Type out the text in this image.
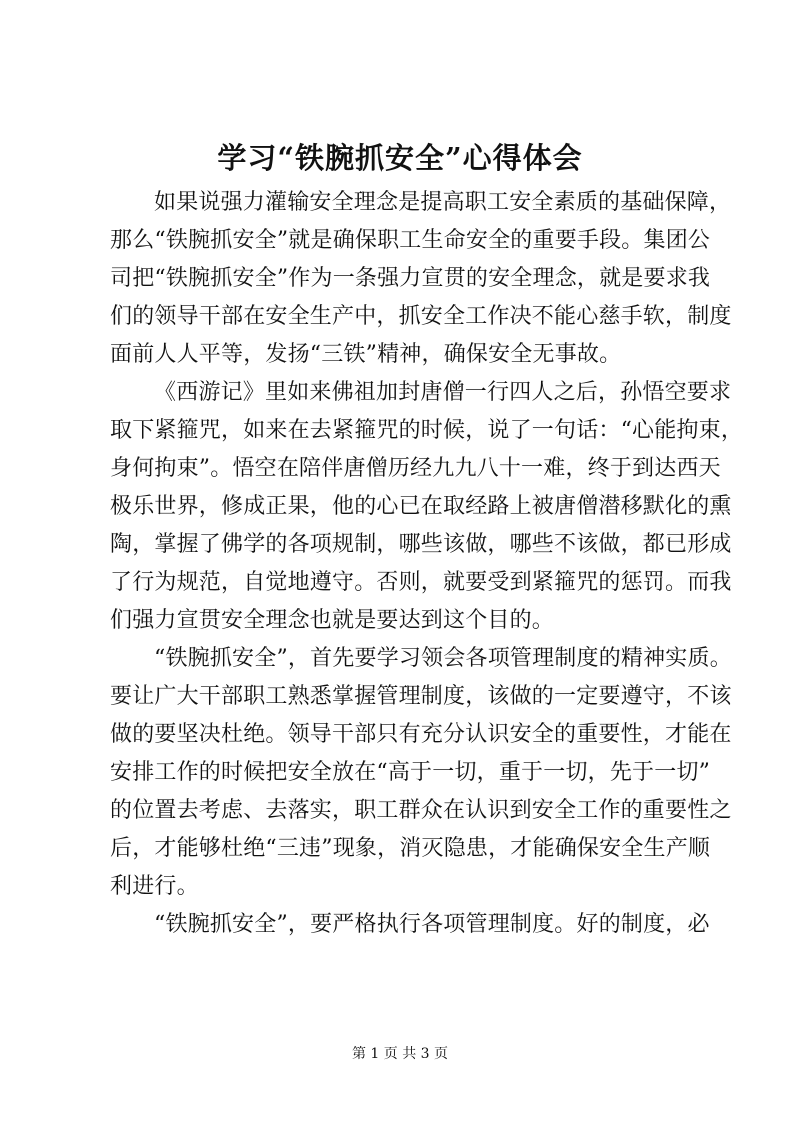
学习“铁腕抓安全”心得体会
如果说强力灌输安全理念是提高职工安全素质的基础保障，
那么“铁腕抓安全”就是确保职工生命安全的重要手段。集团公
司把“铁腕抓安全”作为一条强力宣贯的安全理念，就是要求我
们的领导干部在安全生产中，抓安全工作决不能心慈手软，制度
面前人人平等，发扬“三铁”精神，确保安全无事故。
《西游记》里如来佛祖加封唐僧一行四人之后，孙悟空要求
取下紧箍咒，如来在去紧箍咒的时候，说了一句话：“心能拘束，
身何拘束”。悟空在陪伴唐僧历经九九八十一难，终于到达西天
极乐世界，修成正果，他的心已在取经路上被唐僧潜移默化的熏
陶，掌握了佛学的各项规制，哪些该做，哪些不该做，都已形成
了行为规范，自觉地遵守。否则，就要受到紧箍咒的惩罚。而我
们强力宣贯安全理念也就是要达到这个目的。
“铁腕抓安全”，首先要学习领会各项管理制度的精神实质。
要让广大干部职工熟悉掌握管理制度，该做的一定要遵守，不该
做的要坚决杜绝。领导干部只有充分认识安全的重要性，才能在
安排工作的时候把安全放在“高于一切，重于一切，先于一切”
的位置去考虑、去落实，职工群众在认识到安全工作的重要性之
后，才能够杜绝“三违”现象，消灭隐患，才能确保安全生产顺
利进行。
“铁腕抓安全”，要严格执行各项管理制度。好的制度，必
第 1 页 共 3 页
